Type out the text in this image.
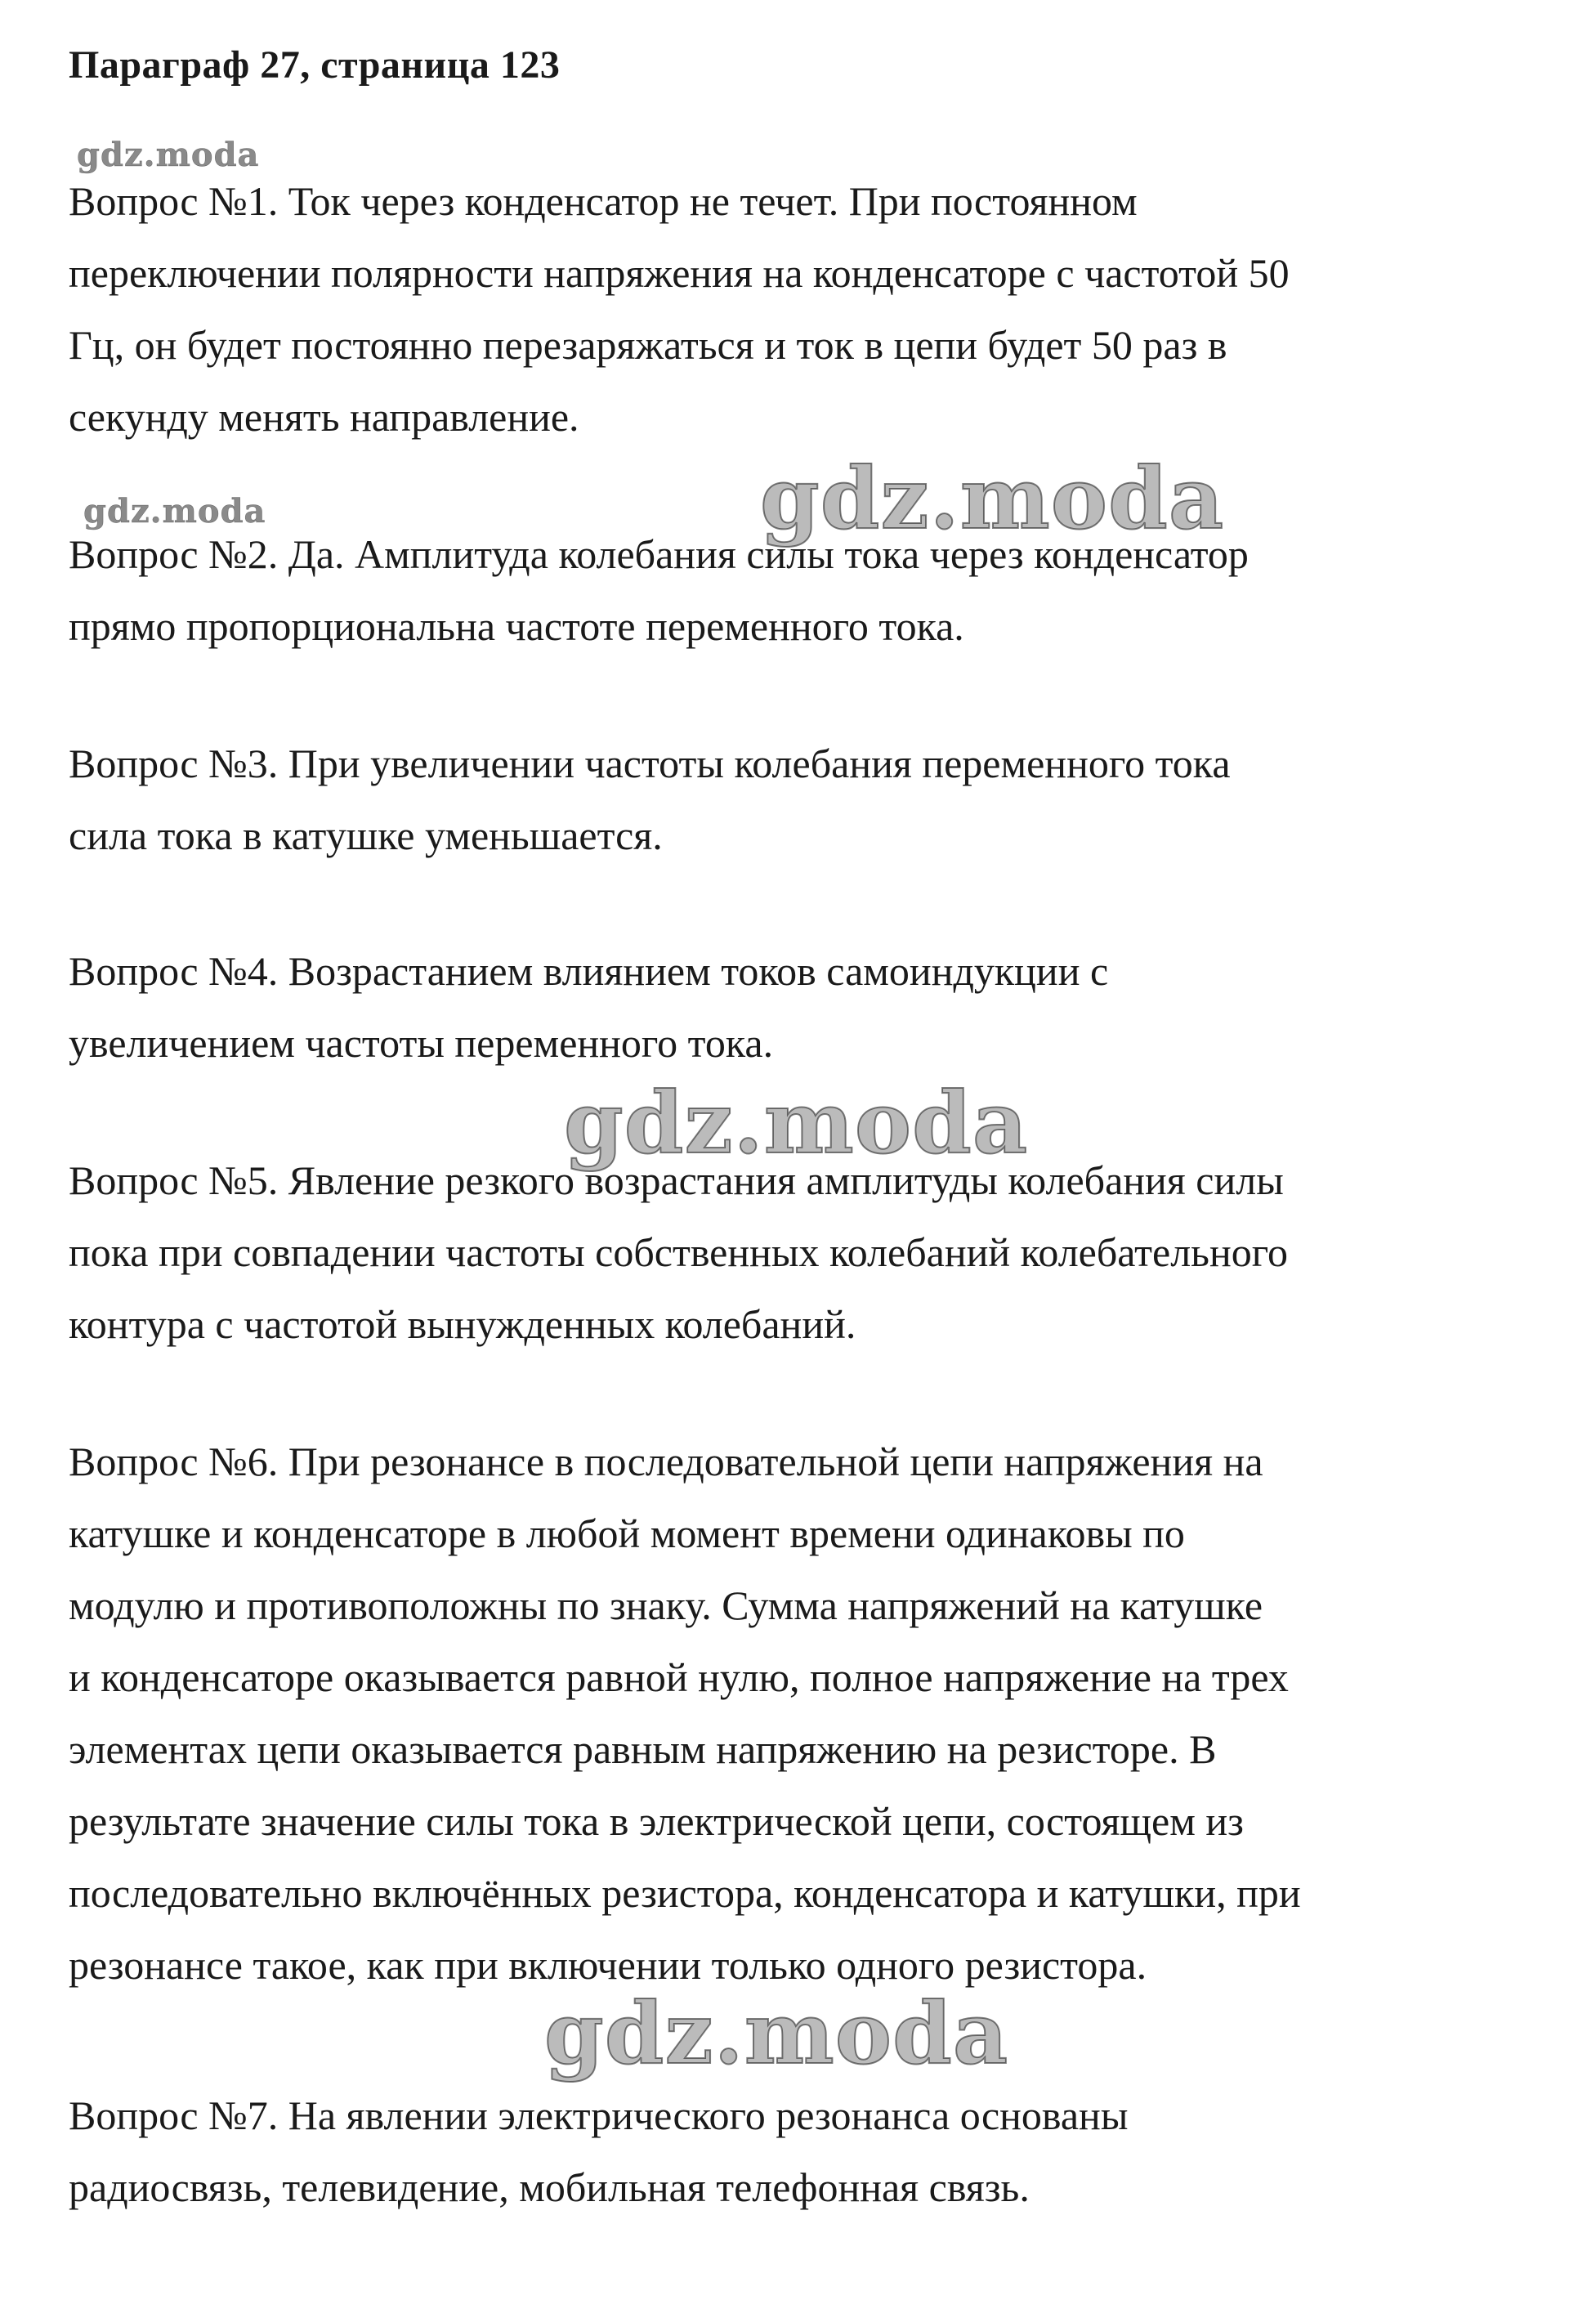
Параграф 27, страница 123
gdz.moda
gdz.moda	gdz.moda
gdz.moda
gdz.moda

Вопрос №1. Ток через конденсатор не течет. При постоянном
переключении полярности напряжения на конденсаторе с частотой 50
Гц, он будет постоянно перезаряжаться и ток в цепи будет 50 раз в
секунду менять направление.

Вопрос №2. Да. Амплитуда колебания силы тока через конденсатор
прямо пропорциональна частоте переменного тока.

Вопрос №3. При увеличении частоты колебания переменного тока
сила тока в катушке уменьшается.

Вопрос №4. Возрастанием влиянием токов самоиндукции с
увеличением частоты переменного тока.

Вопрос №5. Явление резкого возрастания амплитуды колебания силы
пока при совпадении частоты собственных колебаний колебательного
контура с частотой вынужденных колебаний.

Вопрос №6. При резонансе в последовательной цепи напряжения на
катушке и конденсаторе в любой момент времени одинаковы по
модулю и противоположны по знаку. Сумма напряжений на катушке
и конденсаторе оказывается равной нулю, полное напряжение на трех
элементах цепи оказывается равным напряжению на резисторе. В
результате значение силы тока в электрической цепи, состоящем из
последовательно включённых резистора, конденсатора и катушки, при
резонансе такое, как при включении только одного резистора.

Вопрос №7. На явлении электрического резонанса основаны
радиосвязь, телевидение, мобильная телефонная связь.
